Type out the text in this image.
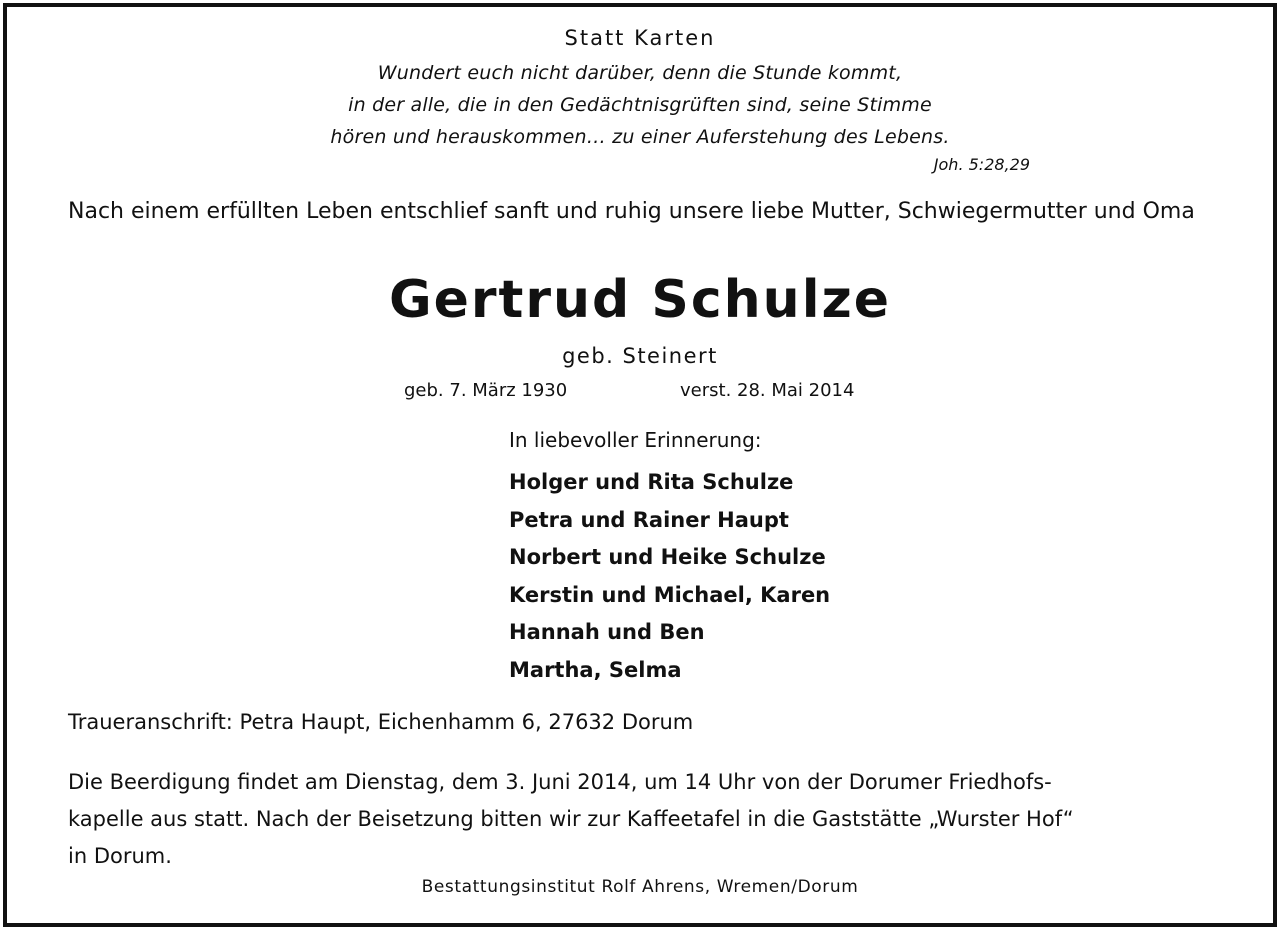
Statt Karten
Wundert euch nicht darüber, denn die Stunde kommt,
in der alle, die in den Gedächtnisgrüften sind, seine Stimme
hören und herauskommen… zu einer Auferstehung des Lebens.
Joh. 5:28,29
Nach einem erfüllten Leben entschlief sanft und ruhig unsere liebe Mutter, Schwiegermutter und Oma
Gertrud Schulze
geb. Steinert
geb. 7. März 1930	verst. 28. Mai 2014
In liebevoller Erinnerung:
Holger und Rita Schulze
Petra und Rainer Haupt
Norbert und Heike Schulze
Kerstin und Michael, Karen
Hannah und Ben
Martha, Selma
Traueranschrift: Petra Haupt, Eichenhamm 6, 27632 Dorum

Die Beerdigung findet am Dienstag, dem 3. Juni 2014, um 14 Uhr von der Dorumer Friedhofs-

kapelle aus statt. Nach der Beisetzung bitten wir zur Kaffeetafel in die Gaststätte „Wurster Hof“

in Dorum.

Bestattungsinstitut Rolf Ahrens, Wremen/Dorum
